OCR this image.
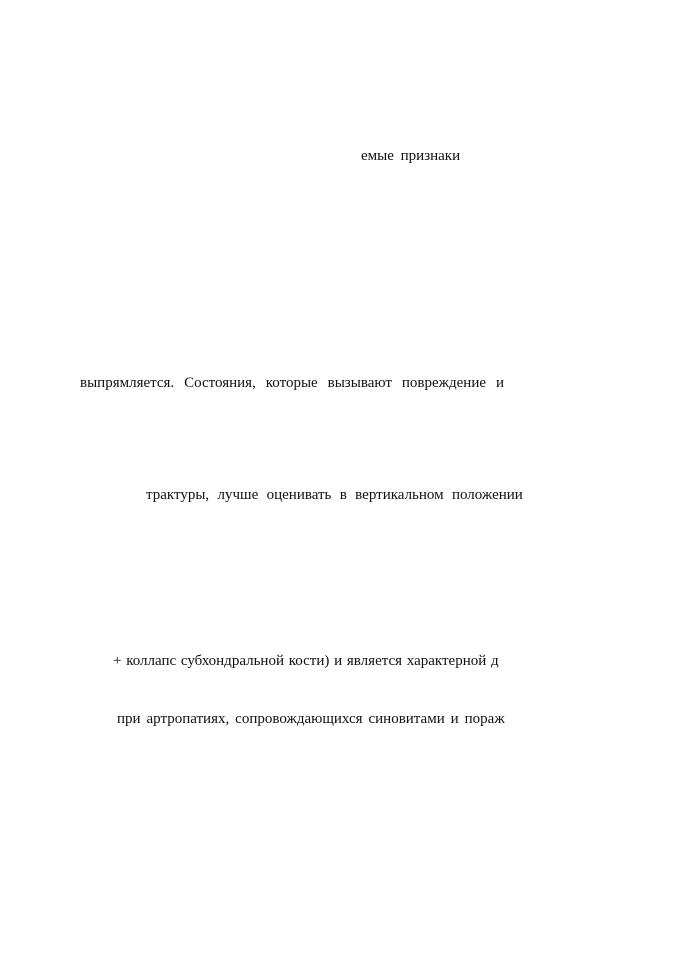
емые признаки
выпрямляется. Состояния, которые вызывают повреждение и
трактуры, лучше оценивать в вертикальном положении
+ коллапс субхондральной кости) и является характерной д
при артропатиях, сопровождающихся синовитами и пораж
